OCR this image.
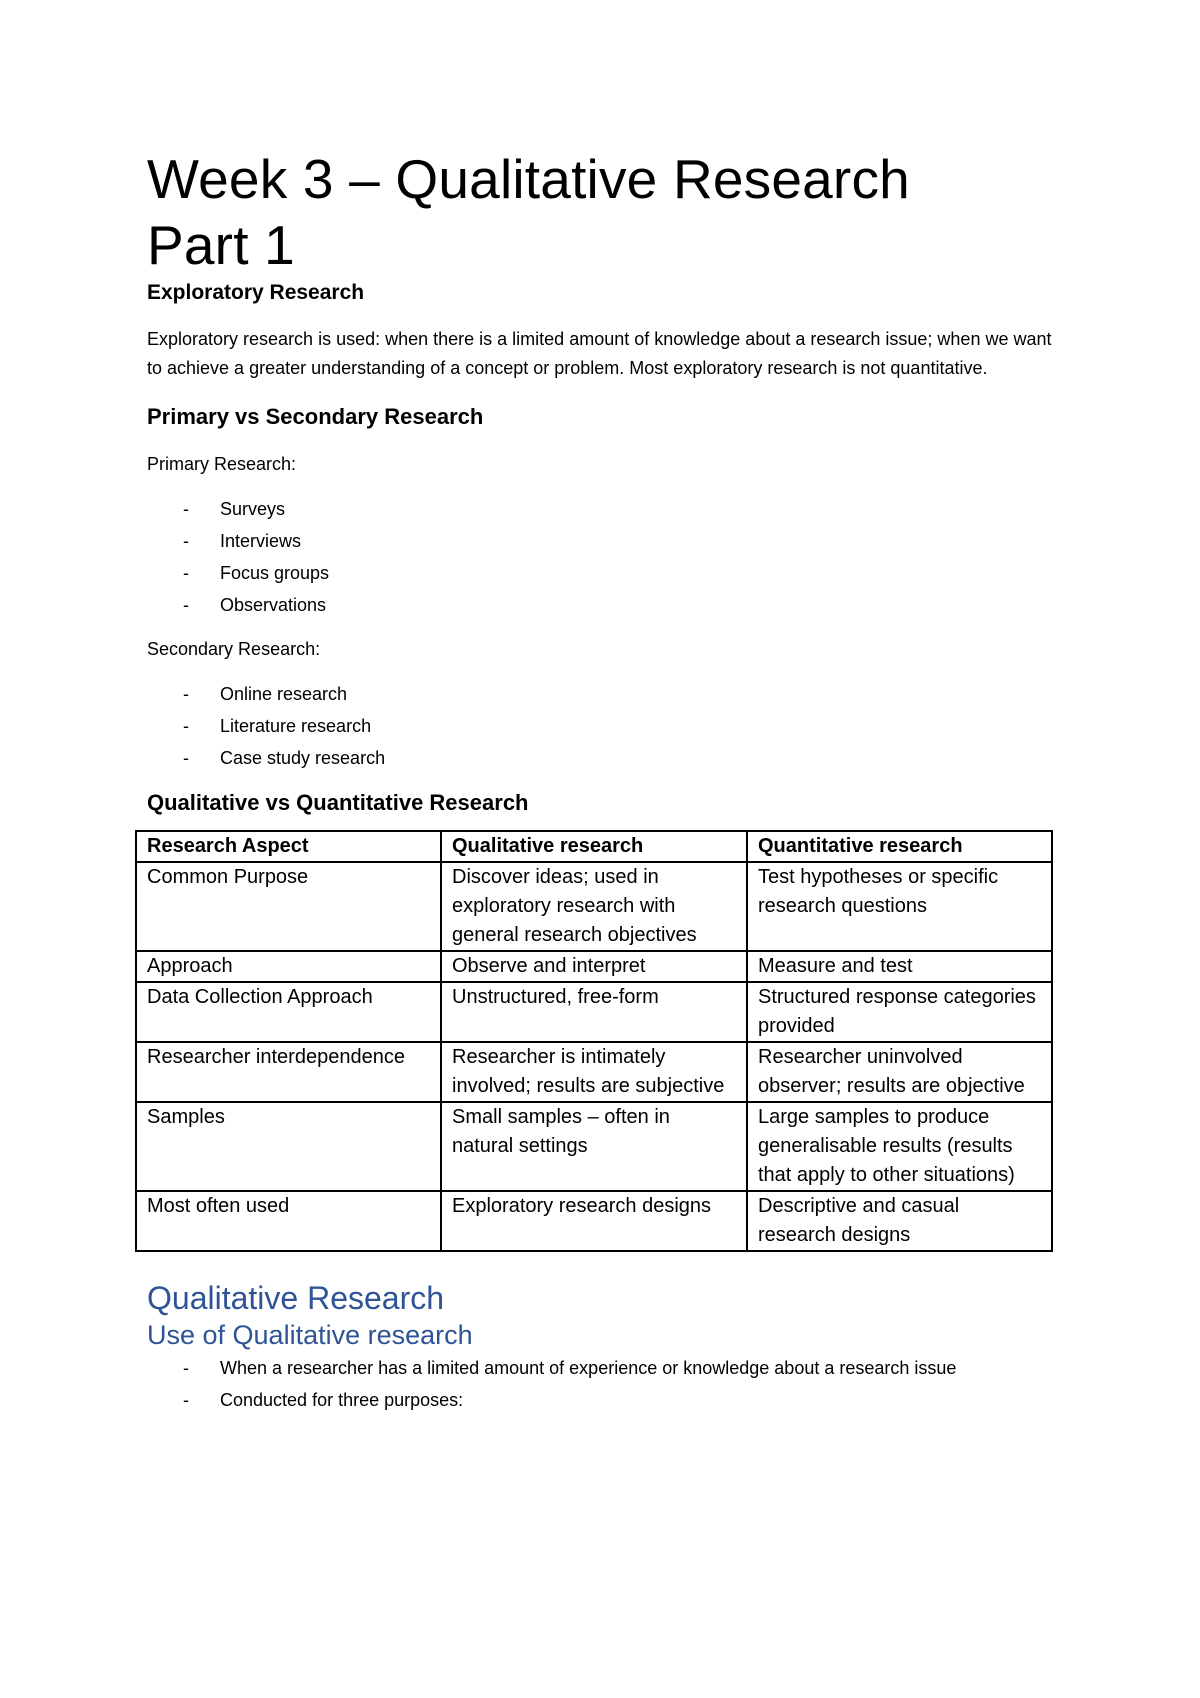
Week 3 – Qualitative Research
Part 1
Exploratory Research

Exploratory research is used: when there is a limited amount of knowledge about a research issue; when we want to achieve a greater understanding of a concept or problem. Most exploratory research is not quantitative.

Primary vs Secondary Research

Primary Research:

- Surveys
- Interviews
- Focus groups
- Observations

Secondary Research:

- Online research
- Literature research
- Case study research
Qualitative vs Quantitative Research
Research Aspect	Qualitative research	Quantitative research
Common Purpose	Discover ideas; used in exploratory research with general research objectives	Test hypotheses or specific research questions
Approach	Observe and interpret	Measure and test
Data Collection Approach	Unstructured, free-form	Structured response categories provided
Researcher interdependence	Researcher is intimately involved; results are subjective	Researcher uninvolved observer; results are objective
Samples	Small samples – often in natural settings	Large samples to produce generalisable results (results that apply to other situations)
Most often used	Exploratory research designs	Descriptive and casual research designs
Qualitative Research
Use of Qualitative research
- When a researcher has a limited amount of experience or knowledge about a research issue
- Conducted for three purposes:
